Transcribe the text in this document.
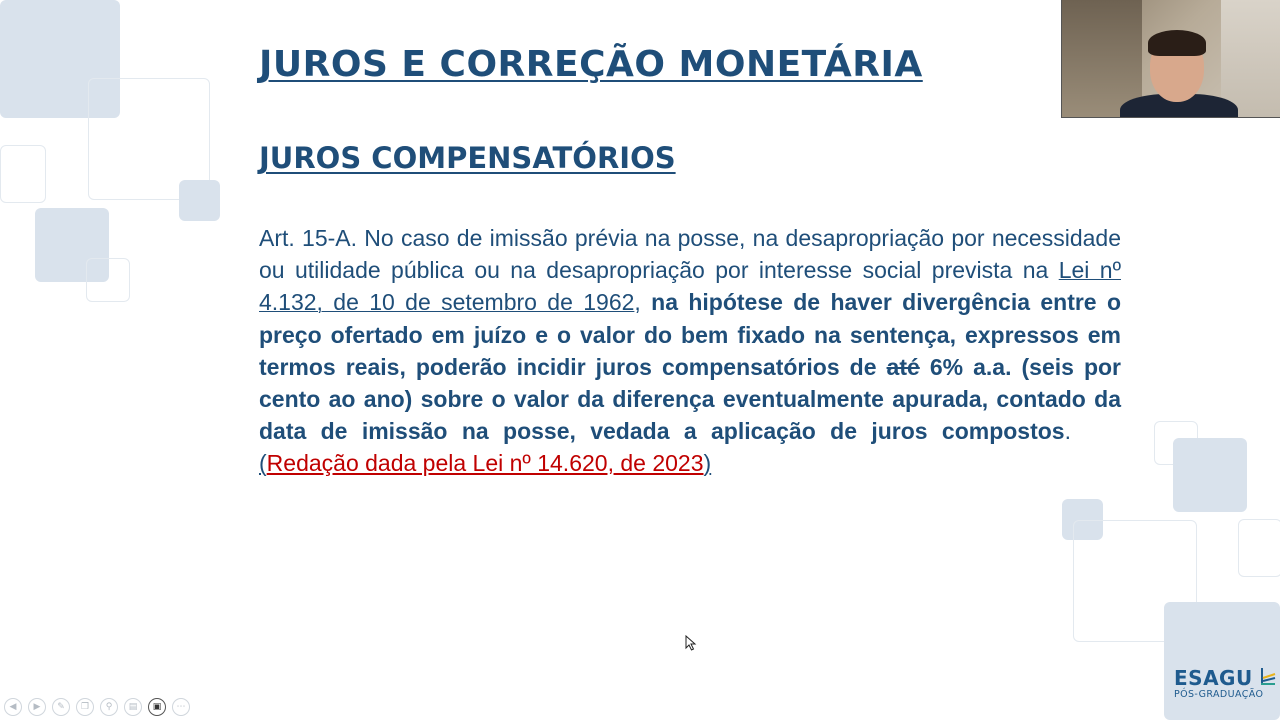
JUROS E CORREÇÃO MONETÁRIA
JUROS COMPENSATÓRIOS

Art. 15-A. No caso de imissão prévia na posse, na desapropriação por necessidade ou utilidade pública ou na desapropriação por interesse social prevista na Lei nº 4.132, de 10 de setembro de 1962, na hipótese de haver divergência entre o preço ofertado em juízo e o valor do bem fixado na sentença, expressos em termos reais, poderão incidir juros compensatórios de até 6% a.a. (seis por cento ao ano) sobre o valor da diferença eventualmente apurada, contado da data de imissão na posse, vedada a aplicação de juros compostos.(Redação dada pela Lei nº 14.620, de 2023)

◀	▶	✎	❐	⚲	▤	▣	⋯
ESAGU
PÓS-GRADUAÇÃO
